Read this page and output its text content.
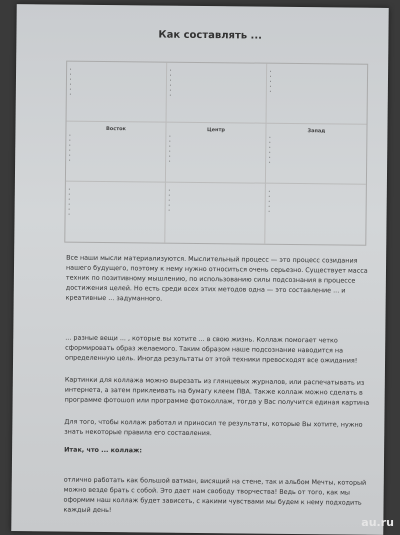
Как составлять ...
•
•
•
•
•
•
•
•
•
•
•
•
•
•
•
•
•
Восток
•
•
•
•
•
•	Центр
•
•
•
•
•
•	Запад
•
•
•
•
•
•
•
•
•
•
•
•
•
•
•
•
•
•
•
•
•
•

Все наши мысли материализуются. Мыслительный процесс — это процесс созидания нашего будущего, поэтому к нему нужно относиться очень серьезно. Существует масса техник по позитивному мышлению, по использованию силы подсознания в процессе достижения целей. Но есть среди всех этих методов одна — это составление ... и креативные ... задуманного.

... разные вещи ... , которые вы хотите ... в свою жизнь. Коллаж помогает четко сформировать образ желаемого. Таким образом наше подсознание наводится на определенную цель. Иногда результаты от этой техники превосходят все ожидания!

Картинки для коллажа можно вырезать из глянцевых журналов, или распечатывать из интернета, а затем приклеивать на бумагу клеем ПВА. Также коллаж можно сделать в программе фотошоп или программе фотоколлаж, тогда у Вас получится единая картина

Для того, чтобы коллаж работал и приносил те результаты, которые Вы хотите, нужно знать некоторые правила его составления.

Итак, что ... коллаж:

отлично работать как большой ватман, висящий на стене, так и альбом Мечты, который можно везде брать с собой. Это дает нам свободу творчества! Ведь от того, как мы оформим наш коллаж будет зависеть, с какими чувствами мы будем к нему подходить каждый день!

au.ru
